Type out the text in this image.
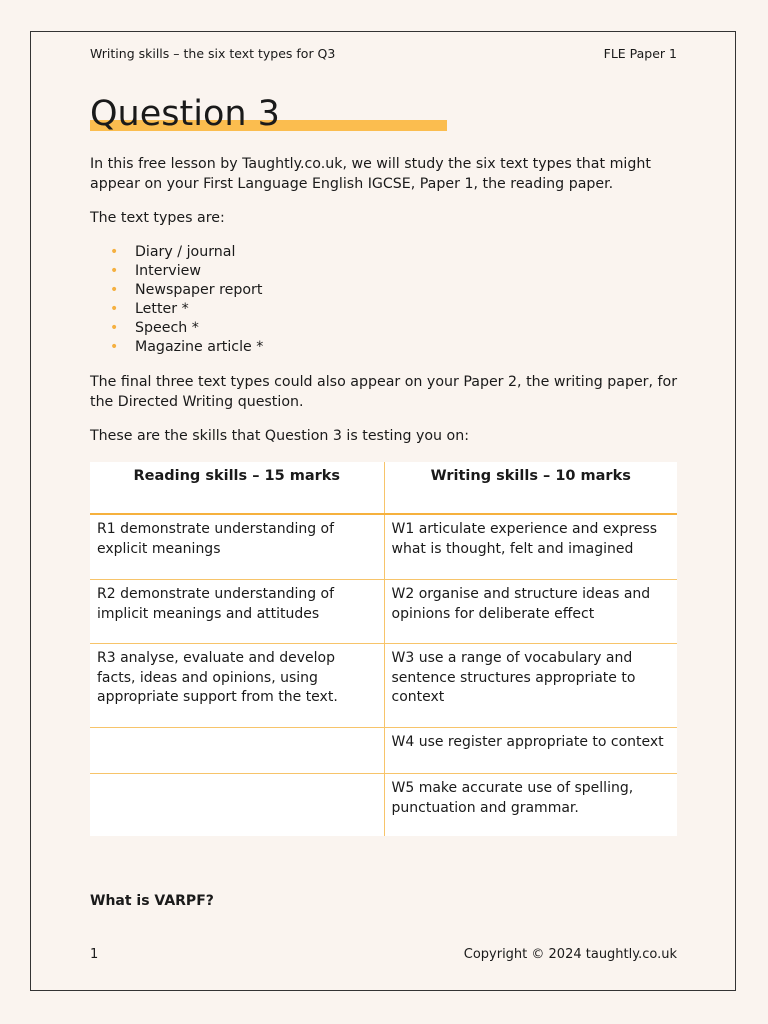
Writing skills – the six text types for Q3	FLE Paper 1
Question 3

In this free lesson by Taughtly.co.uk, we will study the six text types that might appear on your First Language English IGCSE, Paper 1, the reading paper.

The text types are:

• Diary / journal
• Interview
• Newspaper report
• Letter *
• Speech *
• Magazine article *

The final three text types could also appear on your Paper 2, the writing paper, for the Directed Writing question.

These are the skills that Question 3 is testing you on:

Reading skills – 15 marks	Writing skills – 10 marks
R1 demonstrate understanding of explicit meanings	W1 articulate experience and express what is thought, felt and imagined
R2 demonstrate understanding of implicit meanings and attitudes	W2 organise and structure ideas and opinions for deliberate effect
R3 analyse, evaluate and develop facts, ideas and opinions, using appropriate support from the text.	W3 use a range of vocabulary and sentence structures appropriate to context
	W4 use register appropriate to context
	W5 make accurate use of spelling, punctuation and grammar.
What is VARPF?
1	Copyright © 2024 taughtly.co.uk
